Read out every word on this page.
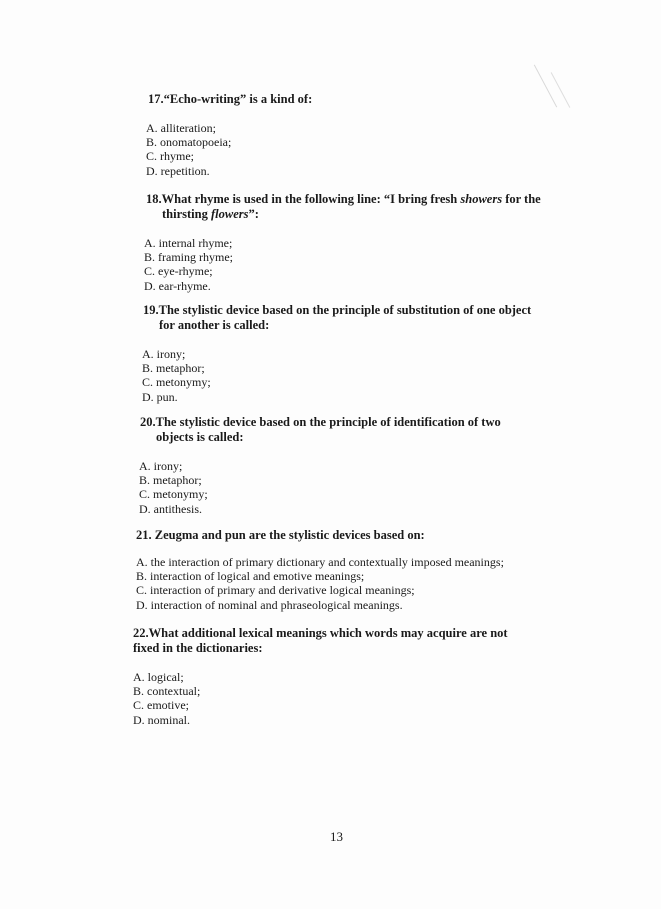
17.“Echo-writing” is a kind of:

A. alliteration;

B. onomatopoeia;

C. rhyme;

D. repetition.

18.What rhyme is used in the following line: “I bring fresh showers for the
thirsting flowers”:

A. internal rhyme;

B. framing rhyme;

C. eye-rhyme;

D. ear-rhyme.

19.The stylistic device based on the principle of substitution of one object
for another is called:

A. irony;

B. metaphor;

C. metonymy;

D. pun.

20.The stylistic device based on the principle of identification of two
objects is called:

A. irony;

B. metaphor;

C. metonymy;

D. antithesis.

21. Zeugma and pun are the stylistic devices based on:

A. the interaction of primary dictionary and contextually imposed meanings;

B. interaction of logical and emotive meanings;

C. interaction of primary and derivative logical meanings;

D. interaction of nominal and phraseological meanings.

22.What additional lexical meanings which words may acquire are not
fixed in the dictionaries:

A. logical;

B. contextual;

C. emotive;

D. nominal.

13
